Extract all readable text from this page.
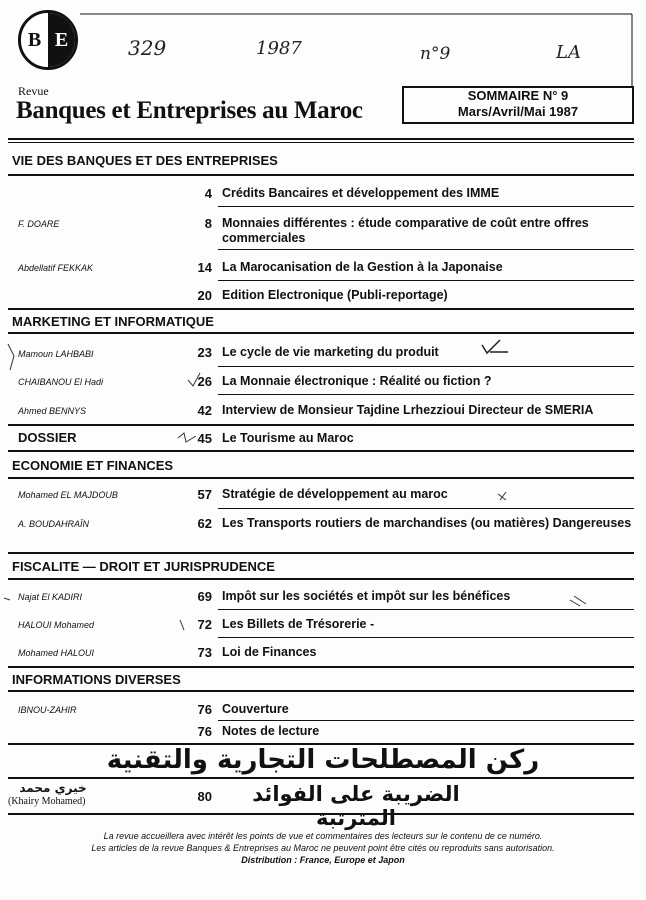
B E	329	1987	n°9	LA
Revue
Banques et Entreprises au Maroc
SOMMAIRE N° 9
Mars/Avril/Mai 1987
VIE DES BANQUES ET DES ENTREPRISES
4 Crédits Bancaires et développement des IMME
F. DOARE	8 Monnaies différentes : étude comparative de coût entre offres commerciales
Abdellatif FEKKAK	14 La Marocanisation de la Gestion à la Japonaise
20 Edition Electronique (Publi-reportage)
MARKETING ET INFORMATIQUE
Mamoun LAHBABI	23 Le cycle de vie marketing du produit
CHAIBANOU El Hadi	26 La Monnaie électronique : Réalité ou fiction ?
Ahmed BENNYS	42 Interview de Monsieur Tajdine Lrhezzioui Directeur de SMERIA
DOSSIER	45 Le Tourisme au Maroc
ECONOMIE ET FINANCES
Mohamed EL MAJDOUB	57 Stratégie de développement au maroc
A. BOUDAHRAÏN	62 Les Transports routiers de marchandises (ou matières) Dangereuses
FISCALITE — DROIT ET JURISPRUDENCE
Najat El KADIRI	69 Impôt sur les sociétés et impôt sur les bénéfices
HALOUI Mohamed	72 Les Billets de Trésorerie -
Mohamed HALOUI	73 Loi de Finances
INFORMATIONS DIVERSES
IBNOU-ZAHIR	76 Couverture
76 Notes de lecture
ركن المصطلحات التجارية والتقنية
خيري محمد
(Khairy Mohamed)	80	الضريبة على الفوائد المترتبة
La revue accueillera avec intérêt les points de vue et commentaires des lecteurs sur le contenu de ce numéro.
Les articles de la revue Banques & Entreprises au Maroc ne peuvent point être cités ou reproduits sans autorisation.
Distribution : France, Europe et Japon
